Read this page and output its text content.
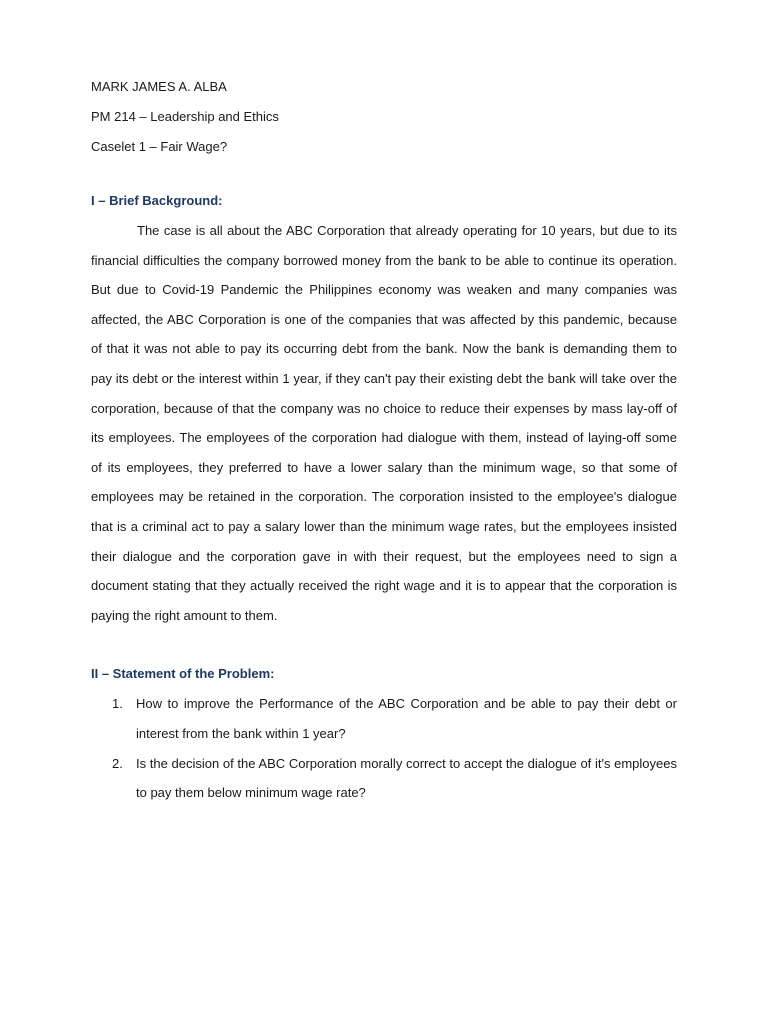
MARK JAMES A. ALBA

PM 214 – Leadership and Ethics

Caselet 1 – Fair Wage?

I – Brief Background:

The case is all about the ABC Corporation that already operating for 10 years, but due to its financial difficulties the company borrowed money from the bank to be able to continue its operation. But due to Covid-19 Pandemic the Philippines economy was weaken and many companies was affected, the ABC Corporation is one of the companies that was affected by this pandemic, because of that it was not able to pay its occurring debt from the bank. Now the bank is demanding them to pay its debt or the interest within 1 year, if they can't pay their existing debt the bank will take over the corporation, because of that the company was no choice to reduce their expenses by mass lay-off of its employees. The employees of the corporation had dialogue with them, instead of laying-off some of its employees, they preferred to have a lower salary than the minimum wage, so that some of employees may be retained in the corporation. The corporation insisted to the employee's dialogue that is a criminal act to pay a salary lower than the minimum wage rates, but the employees insisted their dialogue and the corporation gave in with their request, but the employees need to sign a document stating that they actually received the right wage and it is to appear that the corporation is paying the right amount to them.

II – Statement of the Problem:

1. How to improve the Performance of the ABC Corporation and be able to pay their debt or interest from the bank within 1 year?
2. Is the decision of the ABC Corporation morally correct to accept the dialogue of it's employees to pay them below minimum wage rate?
